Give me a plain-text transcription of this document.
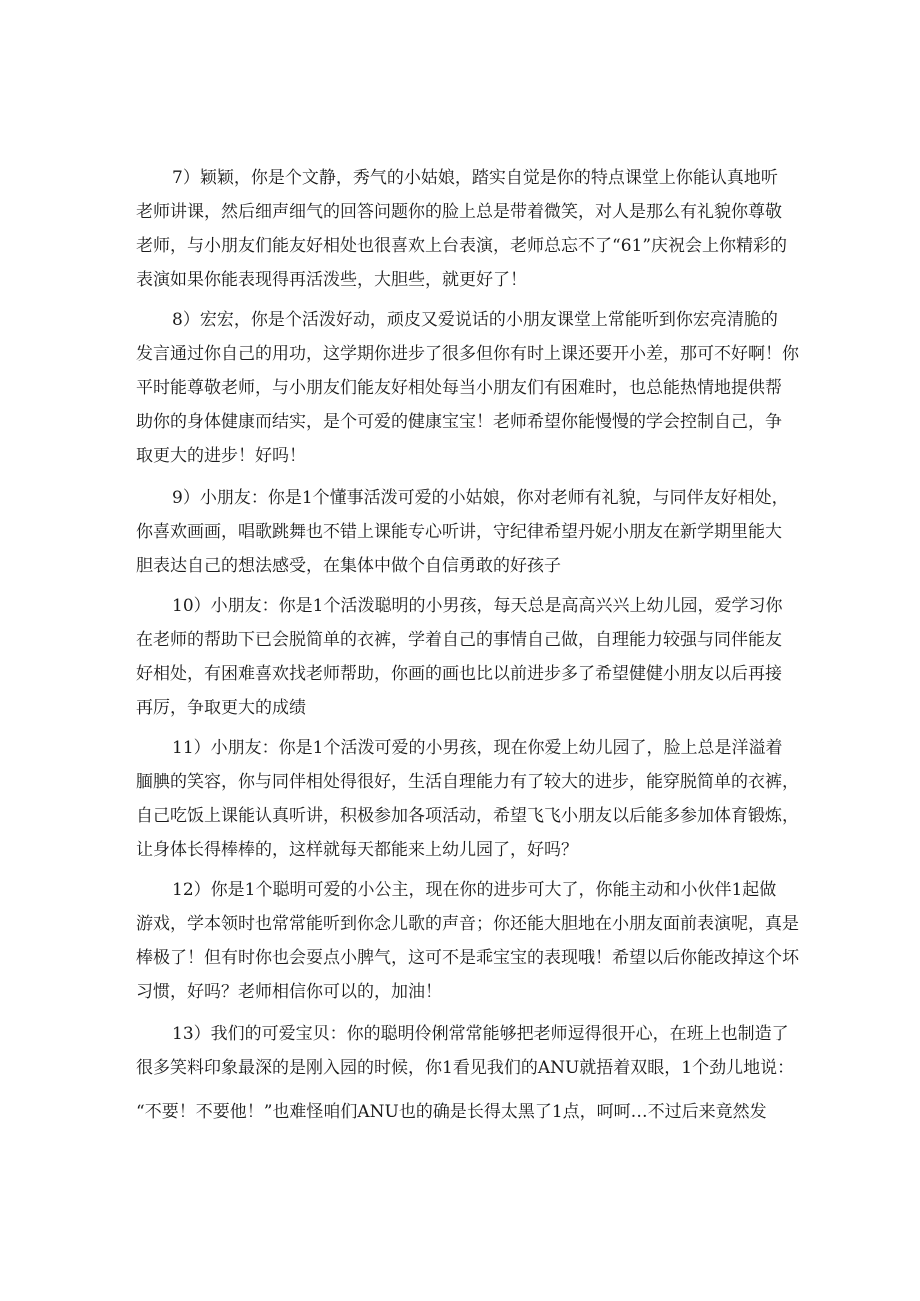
7）颖颖，你是个文静，秀气的小姑娘，踏实自觉是你的特点课堂上你能认真地听
老师讲课，然后细声细气的回答问题你的脸上总是带着微笑，对人是那么有礼貌你尊敬
老师，与小朋友们能友好相处也很喜欢上台表演，老师总忘不了“61”庆祝会上你精彩的
表演如果你能表现得再活泼些，大胆些，就更好了！
8）宏宏，你是个活泼好动，顽皮又爱说话的小朋友课堂上常能听到你宏亮清脆的
发言通过你自己的用功，这学期你进步了很多但你有时上课还要开小差，那可不好啊！你
平时能尊敬老师，与小朋友们能友好相处每当小朋友们有困难时，也总能热情地提供帮
助你的身体健康而结实，是个可爱的健康宝宝！老师希望你能慢慢的学会控制自己，争
取更大的进步！好吗！
9）小朋友：你是1个懂事活泼可爱的小姑娘，你对老师有礼貌，与同伴友好相处，
你喜欢画画，唱歌跳舞也不错上课能专心听讲，守纪律希望丹妮小朋友在新学期里能大
胆表达自己的想法感受，在集体中做个自信勇敢的好孩子
10）小朋友：你是1个活泼聪明的小男孩，每天总是高高兴兴上幼儿园，爱学习你
在老师的帮助下已会脱简单的衣裤，学着自己的事情自己做，自理能力较强与同伴能友
好相处，有困难喜欢找老师帮助，你画的画也比以前进步多了希望健健小朋友以后再接
再厉，争取更大的成绩
11）小朋友：你是1个活泼可爱的小男孩，现在你爱上幼儿园了，脸上总是洋溢着
腼腆的笑容，你与同伴相处得很好，生活自理能力有了较大的进步，能穿脱简单的衣裤，
自己吃饭上课能认真听讲，积极参加各项活动，希望飞飞小朋友以后能多参加体育锻炼，
让身体长得棒棒的，这样就每天都能来上幼儿园了，好吗？
12）你是1个聪明可爱的小公主，现在你的进步可大了，你能主动和小伙伴1起做
游戏，学本领时也常常能听到你念儿歌的声音；你还能大胆地在小朋友面前表演呢，真是
棒极了！但有时你也会耍点小脾气，这可不是乖宝宝的表现哦！希望以后你能改掉这个坏
习惯，好吗？老师相信你可以的，加油！
13）我们的可爱宝贝：你的聪明伶俐常常能够把老师逗得很开心，在班上也制造了
很多笑料印象最深的是刚入园的时候，你1看见我们的ANU就捂着双眼，1个劲儿地说：
“不要！不要他！”也难怪咱们ANU也的确是长得太黑了1点，呵呵…不过后来竟然发
